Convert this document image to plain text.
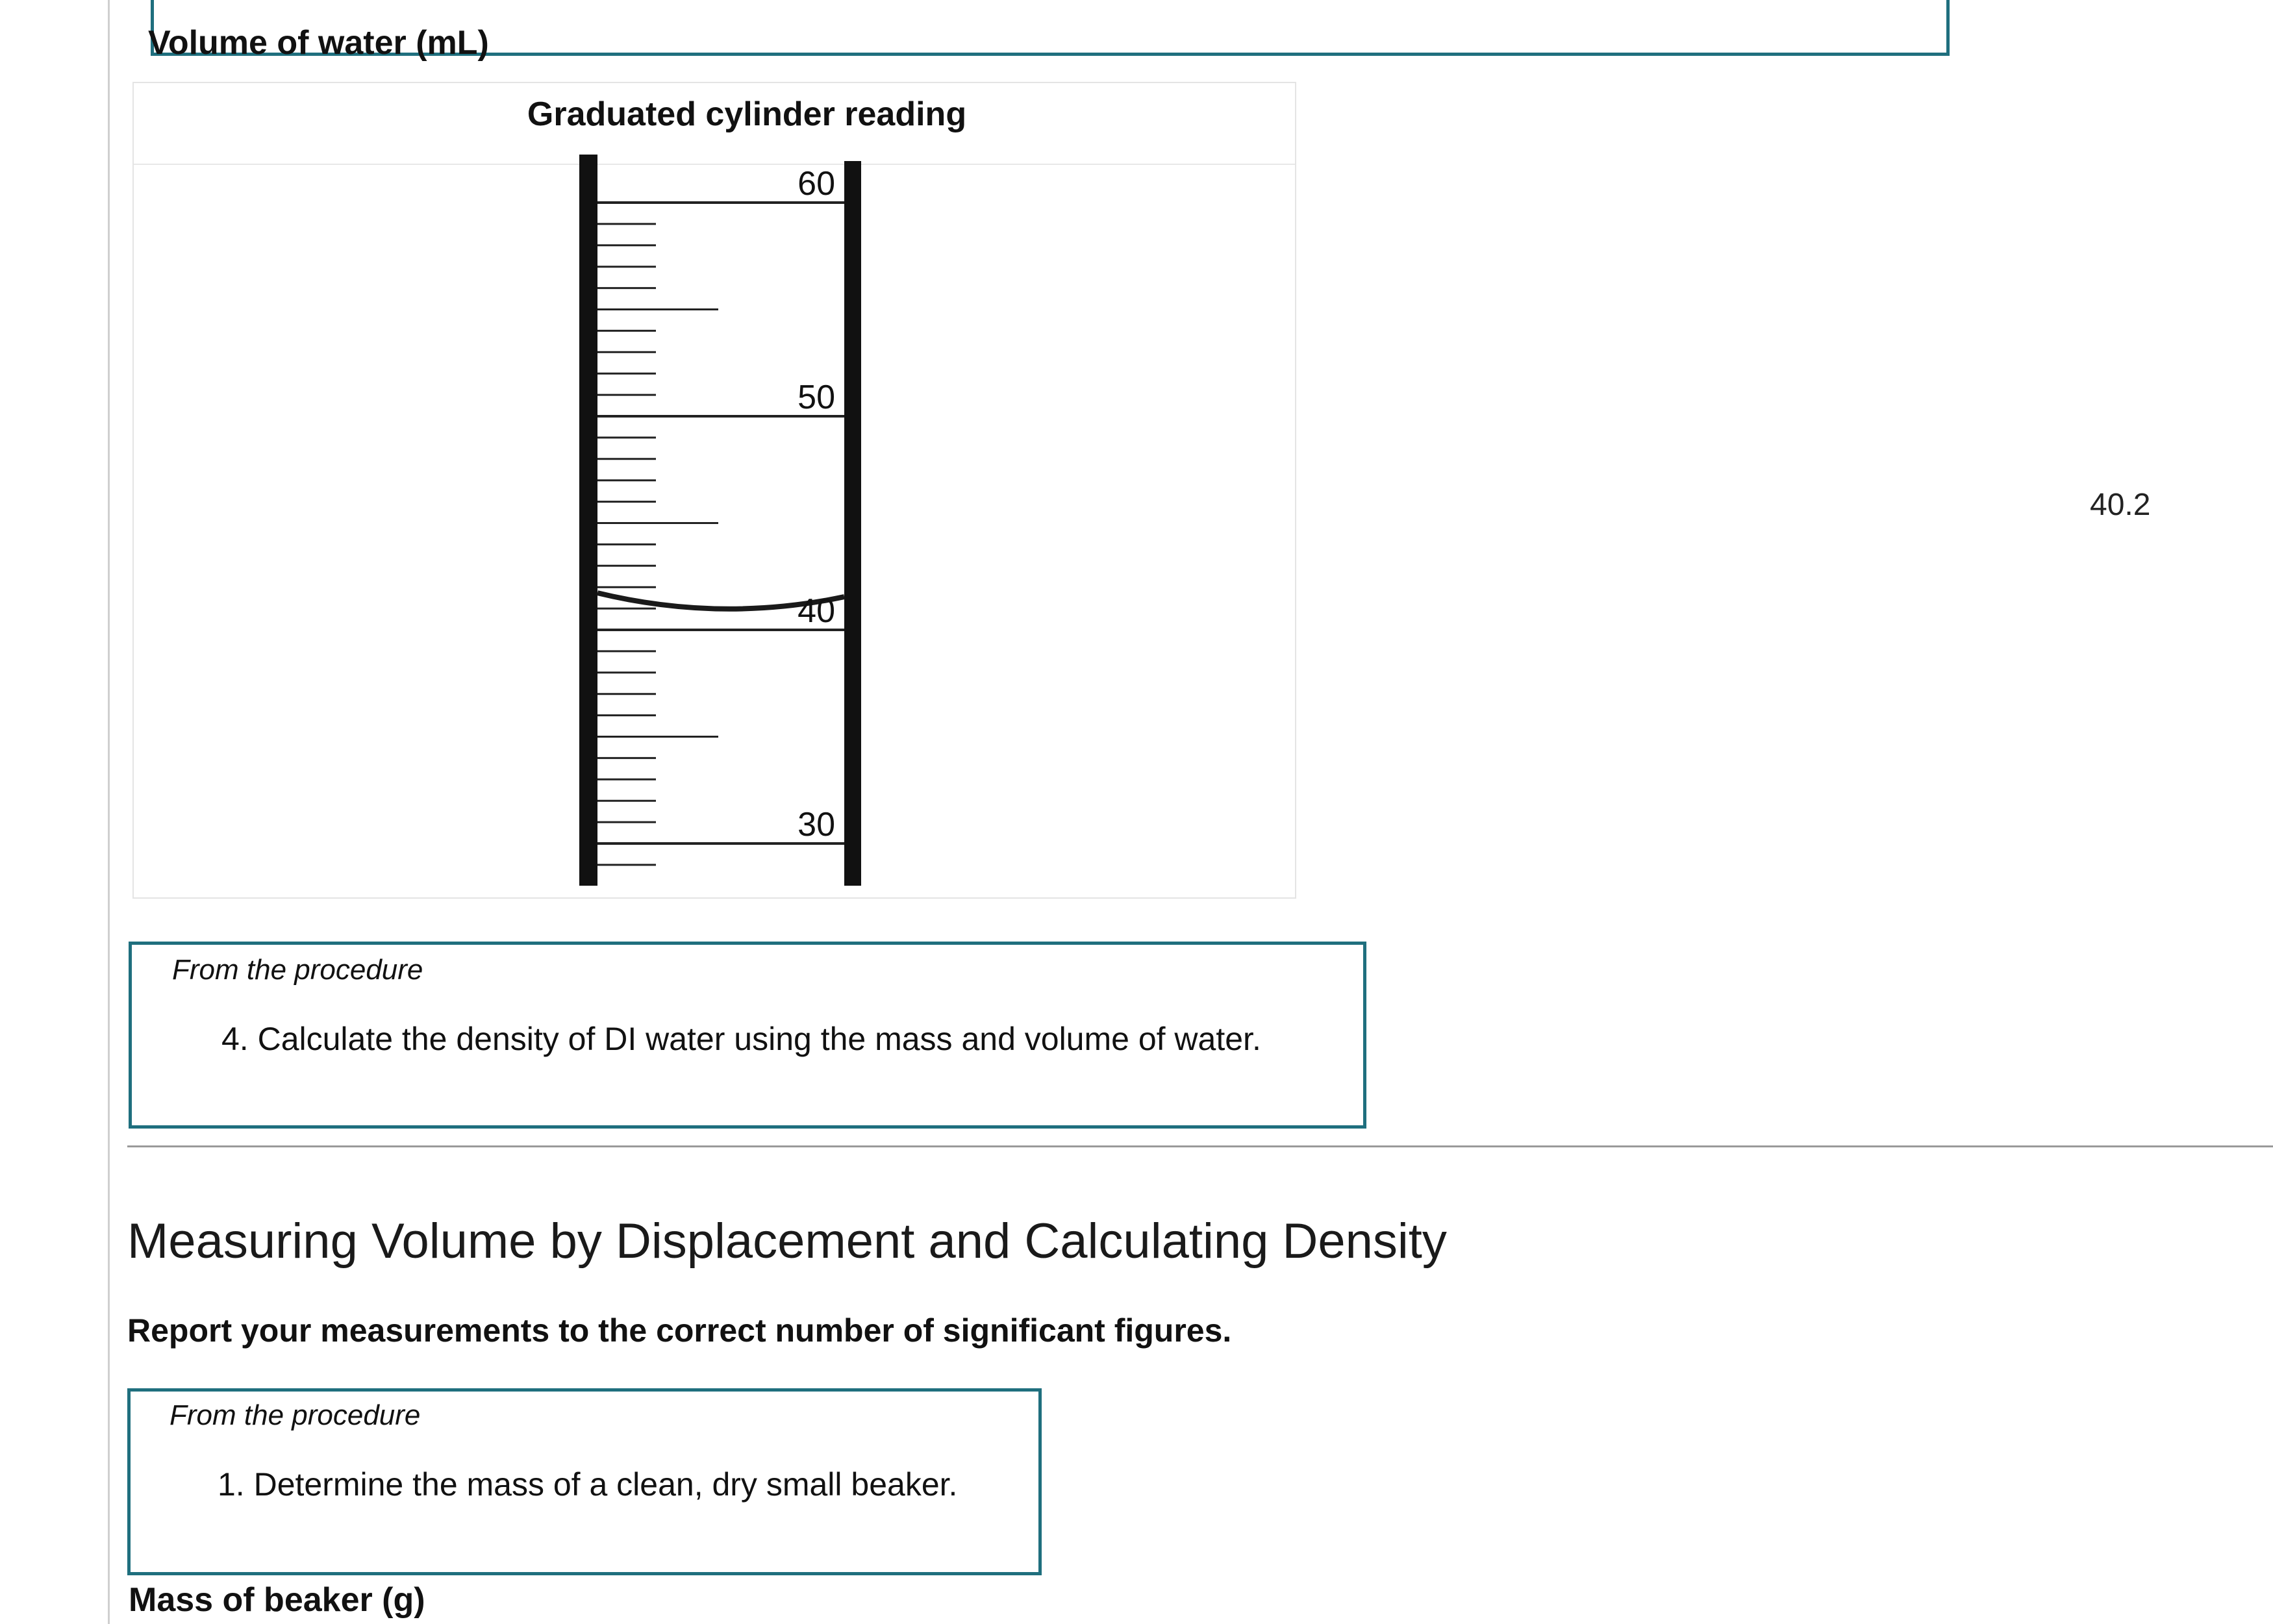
Volume of water (mL)
Graduated cylinder reading
60
50
40
30
40.2
From the procedure
4. Calculate the density of DI water using the mass and volume of water.
Measuring Volume by Displacement and Calculating Density
Report your measurements to the correct number of significant figures.
From the procedure
1. Determine the mass of a clean, dry small beaker.
Mass of beaker (g)
